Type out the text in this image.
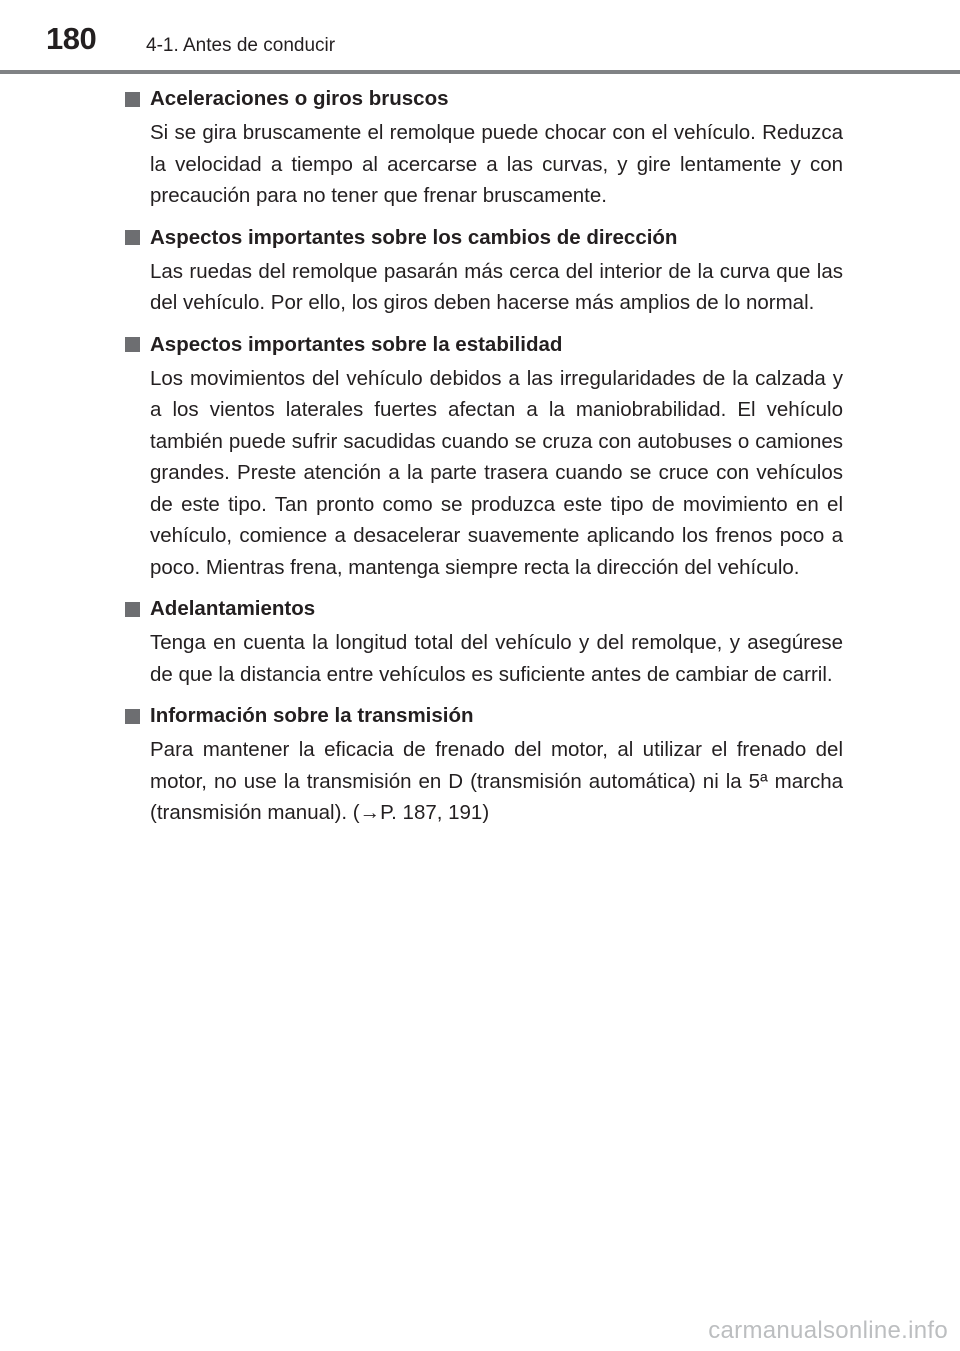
180	4-1. Antes de conducir
Aceleraciones o giros bruscos

Si se gira bruscamente el remolque puede chocar con el vehículo. Reduzca la velocidad a tiempo al acercarse a las curvas, y gire lentamente y con precaución para no tener que frenar bruscamente.

Aspectos importantes sobre los cambios de dirección

Las ruedas del remolque pasarán más cerca del interior de la curva que las del vehículo. Por ello, los giros deben hacerse más amplios de lo normal.

Aspectos importantes sobre la estabilidad

Los movimientos del vehículo debidos a las irregularidades de la calzada y a los vientos laterales fuertes afectan a la maniobrabilidad. El vehículo también puede sufrir sacudidas cuando se cruza con autobuses o camiones grandes. Preste atención a la parte trasera cuando se cruce con vehículos de este tipo. Tan pronto como se produzca este tipo de movimiento en el vehículo, comience a desacelerar suavemente aplicando los frenos poco a poco. Mientras frena, mantenga siempre recta la dirección del vehículo.

Adelantamientos

Tenga en cuenta la longitud total del vehículo y del remolque, y asegúrese de que la distancia entre vehículos es suficiente antes de cambiar de carril.

Información sobre la transmisión

Para mantener la eficacia de frenado del motor, al utilizar el frenado del motor, no use la transmisión en D (transmisión automática) ni la 5ª marcha (transmisión manual). (→P. 187, 191)

carmanualsonline.info
